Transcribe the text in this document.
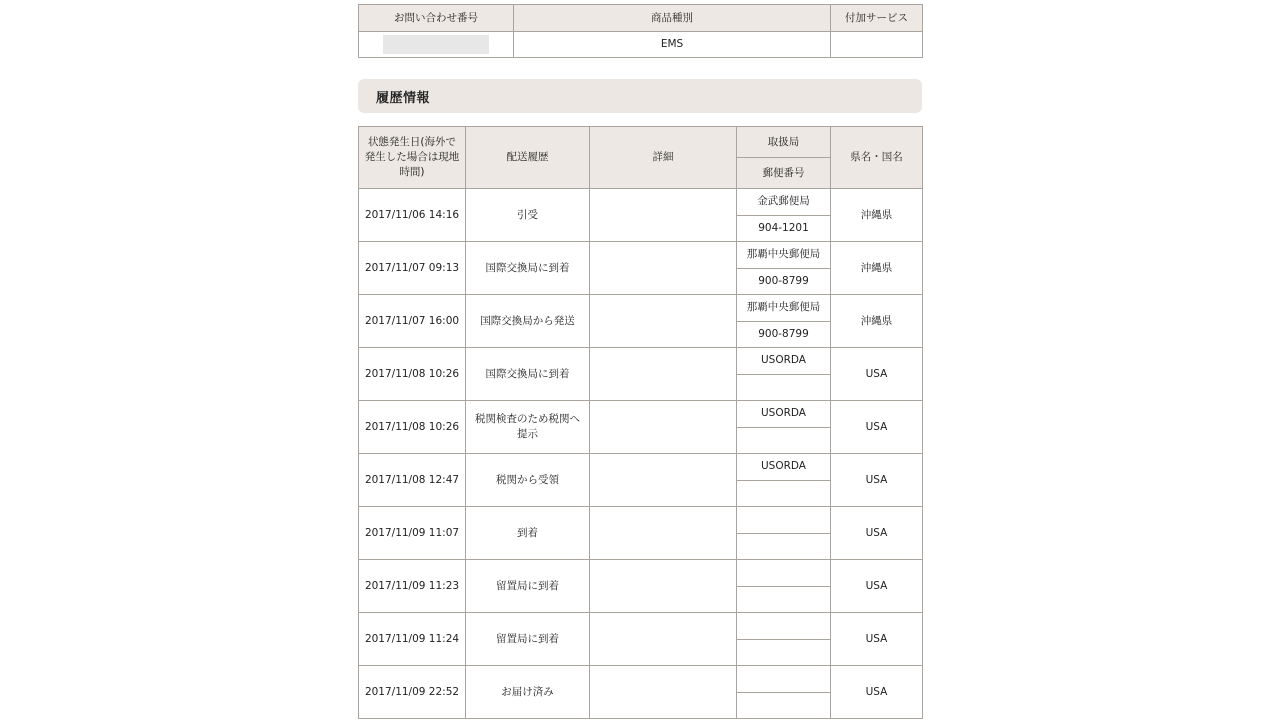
お問い合わせ番号	商品種別	付加サービス
	EMS	
履歴情報
状態発生日(海外で発生した場合は現地時間)	配送履歴	詳細	取扱局	県名・国名
			郵便番号	
2017/11/06 14:16	引受		金武郵便局	沖縄県
			904-1201	
2017/11/07 09:13	国際交換局に到着		那覇中央郵便局	沖縄県
			900-8799	
2017/11/07 16:00	国際交換局から発送		那覇中央郵便局	沖縄県
			900-8799	
2017/11/08 10:26	国際交換局に到着		USORDA	USA

2017/11/08 10:26	税関検査のため税関へ提示		USORDA	USA

2017/11/08 12:47	税関から受領		USORDA	USA

2017/11/09 11:07	到着			USA

2017/11/09 11:23	留置局に到着			USA

2017/11/09 11:24	留置局に到着			USA

2017/11/09 22:52	お届け済み			USA
